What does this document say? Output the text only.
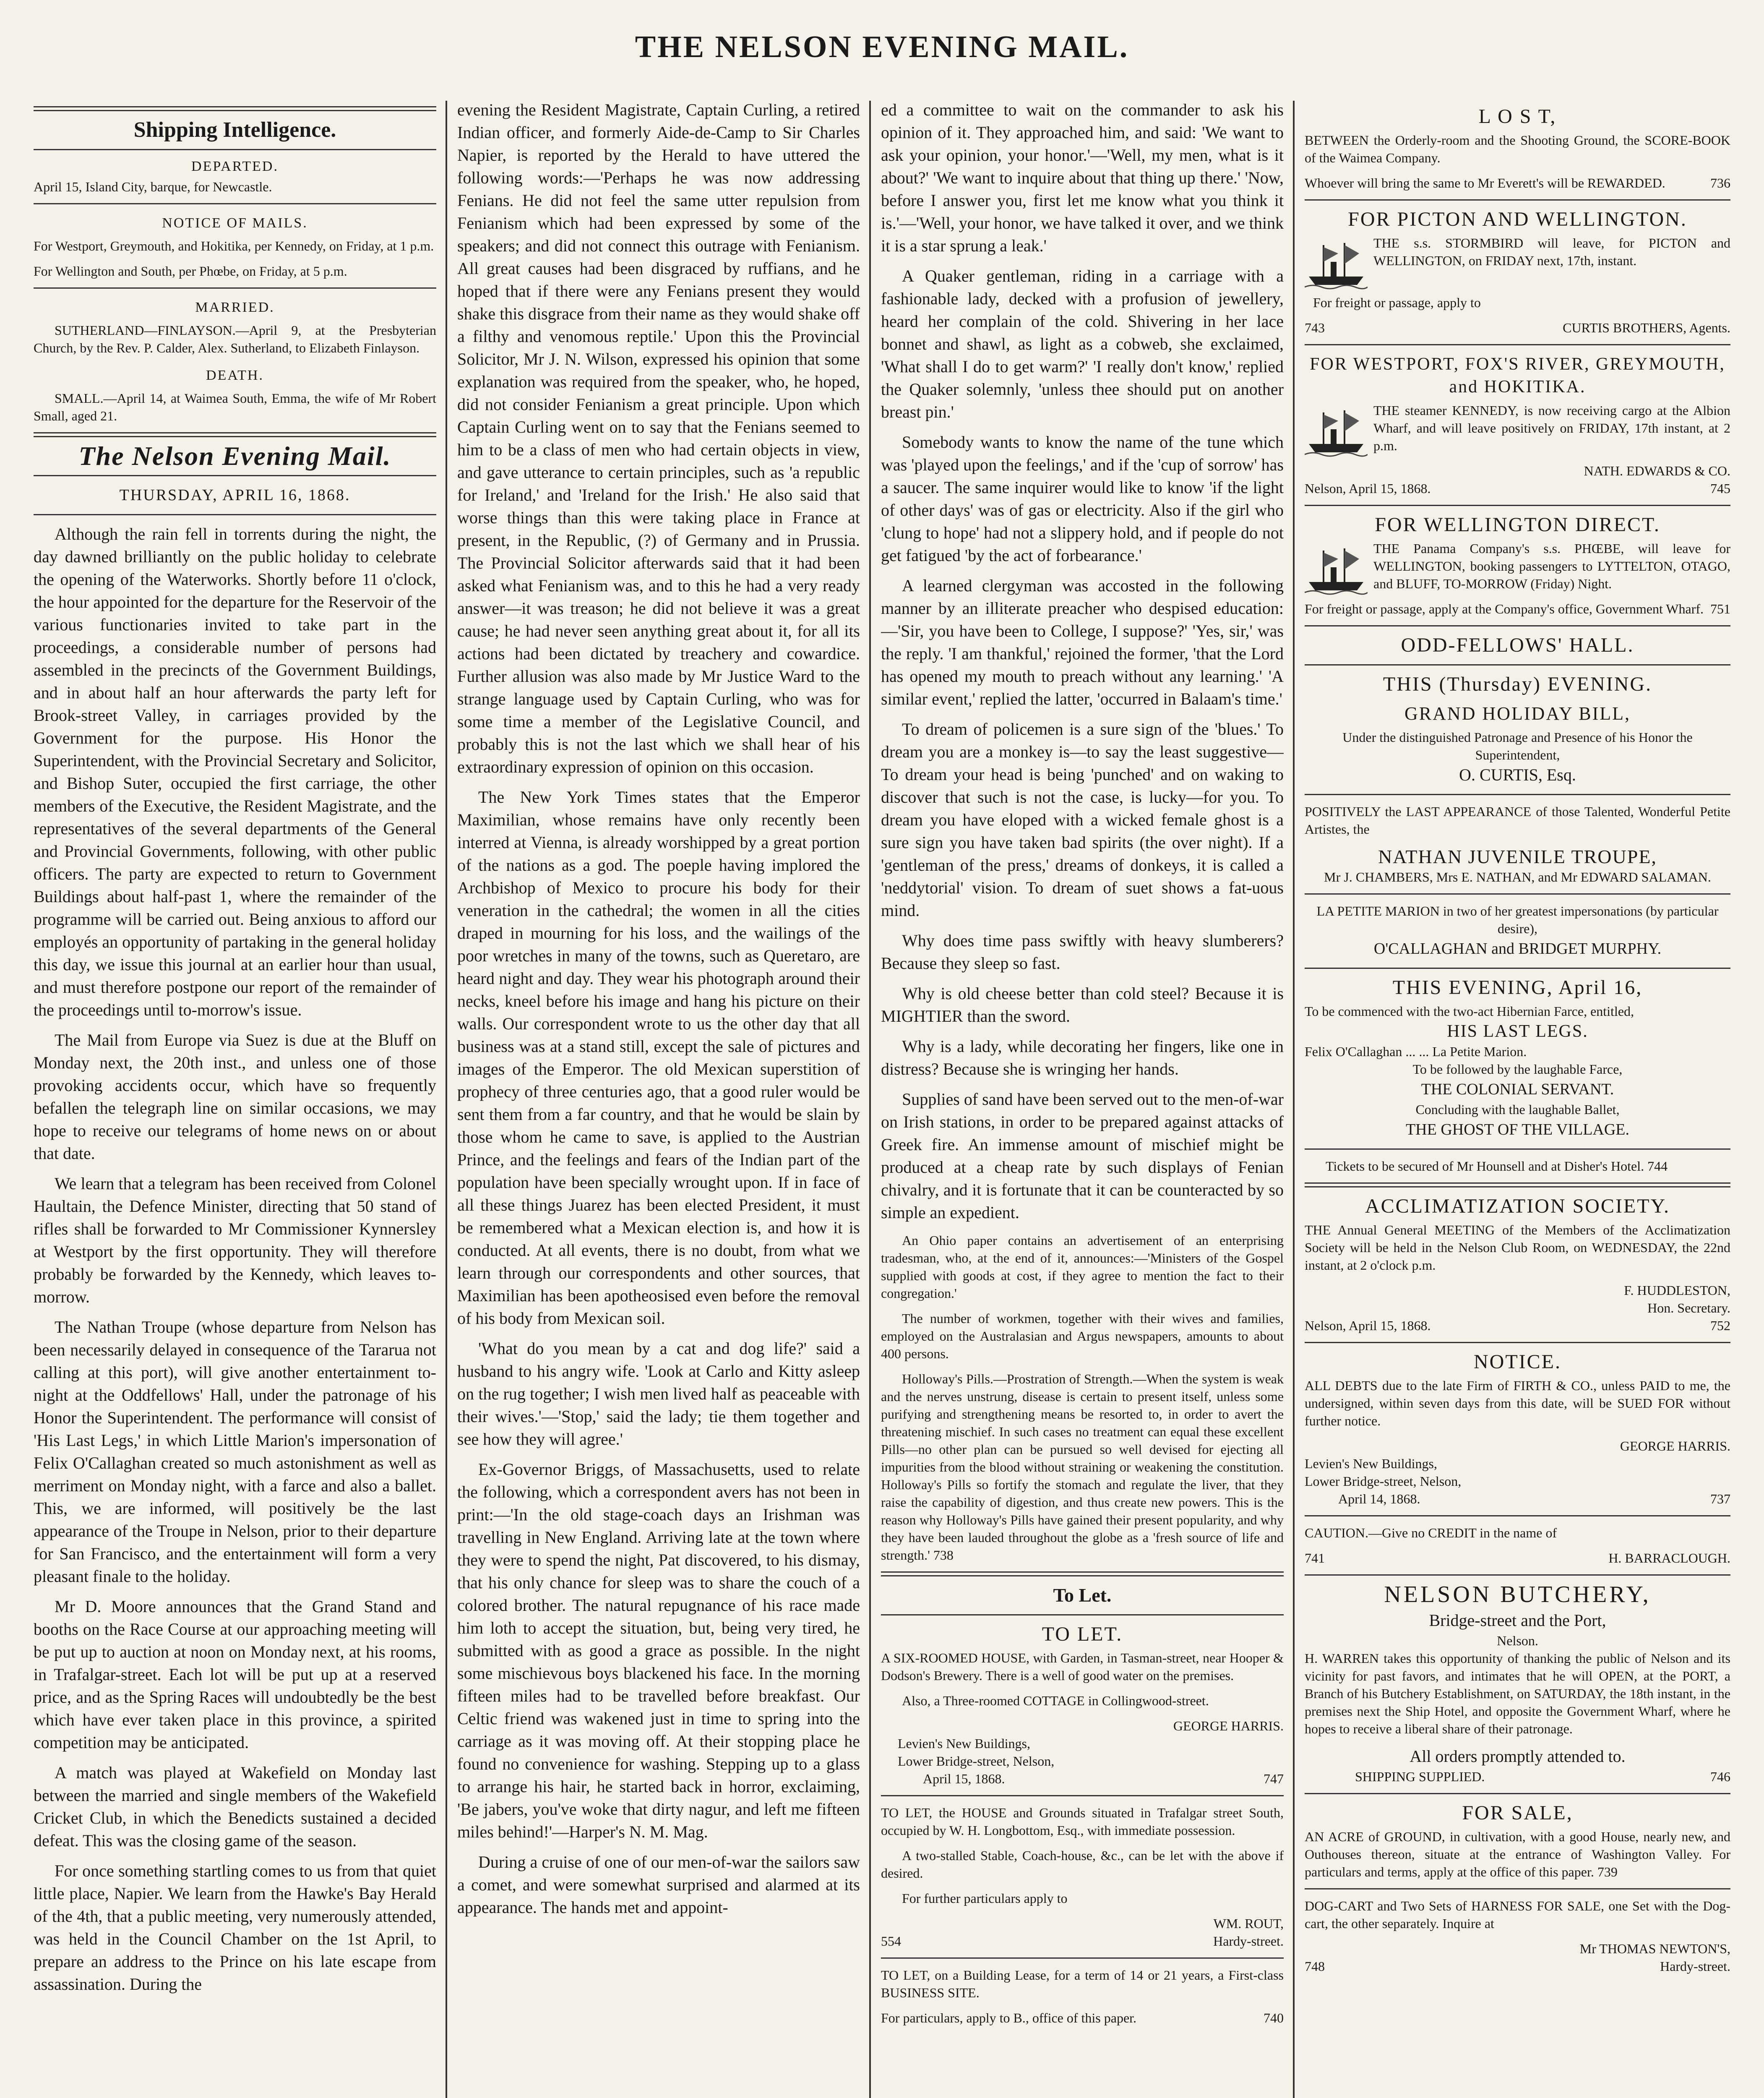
THE NELSON EVENING MAIL.
Shipping Intelligence.
DEPARTED.

April 15, Island City, barque, for Newcastle.

NOTICE OF MAILS.

For Westport, Greymouth, and Hokitika, per Kennedy, on Friday, at 1 p.m.

For Wellington and South, per Phœbe, on Friday, at 5 p.m.

MARRIED.

SUTHERLAND—FINLAYSON.—April 9, at the Presbyterian Church, by the Rev. P. Calder, Alex. Sutherland, to Elizabeth Finlayson.

DEATH.

SMALL.—April 14, at Waimea South, Emma, the wife of Mr Robert Small, aged 21.

The Nelson Evening Mail.
THURSDAY, APRIL 16, 1868.

Although the rain fell in torrents during the night, the day dawned brilliantly on the public holiday to celebrate the opening of the Waterworks. Shortly before 11 o'clock, the hour appointed for the departure for the Reservoir of the various functionaries invited to take part in the proceedings, a considerable number of persons had assembled in the precincts of the Government Buildings, and in about half an hour afterwards the party left for Brook-street Valley, in carriages provided by the Government for the purpose. His Honor the Superintendent, with the Provincial Secretary and Solicitor, and Bishop Suter, occupied the first carriage, the other members of the Executive, the Resident Magistrate, and the representatives of the several departments of the General and Provincial Governments, following, with other public officers. The party are expected to return to Government Buildings about half-past 1, where the remainder of the programme will be carried out. Being anxious to afford our employés an opportunity of partaking in the general holiday this day, we issue this journal at an earlier hour than usual, and must therefore postpone our report of the remainder of the proceedings until to-morrow's issue.

The Mail from Europe via Suez is due at the Bluff on Monday next, the 20th inst., and unless one of those provoking accidents occur, which have so frequently befallen the telegraph line on similar occasions, we may hope to receive our telegrams of home news on or about that date.

We learn that a telegram has been received from Colonel Haultain, the Defence Minister, directing that 50 stand of rifles shall be forwarded to Mr Commissioner Kynnersley at Westport by the first opportunity. They will therefore probably be forwarded by the Kennedy, which leaves to-morrow.

The Nathan Troupe (whose departure from Nelson has been necessarily delayed in consequence of the Tararua not calling at this port), will give another entertainment to-night at the Oddfellows' Hall, under the patronage of his Honor the Superintendent. The performance will consist of 'His Last Legs,' in which Little Marion's impersonation of Felix O'Callaghan created so much astonishment as well as merriment on Monday night, with a farce and also a ballet. This, we are informed, will positively be the last appearance of the Troupe in Nelson, prior to their departure for San Francisco, and the entertainment will form a very pleasant finale to the holiday.

Mr D. Moore announces that the Grand Stand and booths on the Race Course at our approaching meeting will be put up to auction at noon on Monday next, at his rooms, in Trafalgar-street. Each lot will be put up at a reserved price, and as the Spring Races will undoubtedly be the best which have ever taken place in this province, a spirited competition may be anticipated.

A match was played at Wakefield on Monday last between the married and single members of the Wakefield Cricket Club, in which the Benedicts sustained a decided defeat. This was the closing game of the season.

For once something startling comes to us from that quiet little place, Napier. We learn from the Hawke's Bay Herald of the 4th, that a public meeting, very numerously attended, was held in the Council Chamber on the 1st April, to prepare an address to the Prince on his late escape from assassination. During the

evening the Resident Magistrate, Captain Curling, a retired Indian officer, and formerly Aide-de-Camp to Sir Charles Napier, is reported by the Herald to have uttered the following words:—'Perhaps he was now addressing Fenians. He did not feel the same utter repulsion from Fenianism which had been expressed by some of the speakers; and did not connect this outrage with Fenianism. All great causes had been disgraced by ruffians, and he hoped that if there were any Fenians present they would shake this disgrace from their name as they would shake off a filthy and venomous reptile.' Upon this the Provincial Solicitor, Mr J. N. Wilson, expressed his opinion that some explanation was required from the speaker, who, he hoped, did not consider Fenianism a great principle. Upon which Captain Curling went on to say that the Fenians seemed to him to be a class of men who had certain objects in view, and gave utterance to certain principles, such as 'a republic for Ireland,' and 'Ireland for the Irish.' He also said that worse things than this were taking place in France at present, in the Republic, (?) of Germany and in Prussia. The Provincial Solicitor afterwards said that it had been asked what Fenianism was, and to this he had a very ready answer—it was treason; he did not believe it was a great cause; he had never seen anything great about it, for all its actions had been dictated by treachery and cowardice. Further allusion was also made by Mr Justice Ward to the strange language used by Captain Curling, who was for some time a member of the Legislative Council, and probably this is not the last which we shall hear of his extraordinary expression of opinion on this occasion.

The New York Times states that the Emperor Maximilian, whose remains have only recently been interred at Vienna, is already worshipped by a great portion of the nations as a god. The poeple having implored the Archbishop of Mexico to procure his body for their veneration in the cathedral; the women in all the cities draped in mourning for his loss, and the wailings of the poor wretches in many of the towns, such as Queretaro, are heard night and day. They wear his photograph around their necks, kneel before his image and hang his picture on their walls. Our correspondent wrote to us the other day that all business was at a stand still, except the sale of pictures and images of the Emperor. The old Mexican superstition of prophecy of three centuries ago, that a good ruler would be sent them from a far country, and that he would be slain by those whom he came to save, is applied to the Austrian Prince, and the feelings and fears of the Indian part of the population have been specially wrought upon. If in face of all these things Juarez has been elected President, it must be remembered what a Mexican election is, and how it is conducted. At all events, there is no doubt, from what we learn through our correspondents and other sources, that Maximilian has been apotheosised even before the removal of his body from Mexican soil.

'What do you mean by a cat and dog life?' said a husband to his angry wife. 'Look at Carlo and Kitty asleep on the rug together; I wish men lived half as peaceable with their wives.'—'Stop,' said the lady; tie them together and see how they will agree.'

Ex-Governor Briggs, of Massachusetts, used to relate the following, which a correspondent avers has not been in print:—'In the old stage-coach days an Irishman was travelling in New England. Arriving late at the town where they were to spend the night, Pat discovered, to his dismay, that his only chance for sleep was to share the couch of a colored brother. The natural repugnance of his race made him loth to accept the situation, but, being very tired, he submitted with as good a grace as possible. In the night some mischievous boys blackened his face. In the morning fifteen miles had to be travelled before breakfast. Our Celtic friend was wakened just in time to spring into the carriage as it was moving off. At their stopping place he found no convenience for washing. Stepping up to a glass to arrange his hair, he started back in horror, exclaiming, 'Be jabers, you've woke that dirty nagur, and left me fifteen miles behind!'—Harper's N. M. Mag.

During a cruise of one of our men-of-war the sailors saw a comet, and were somewhat surprised and alarmed at its appearance. The hands met and appoint-

ed a committee to wait on the commander to ask his opinion of it. They approached him, and said: 'We want to ask your opinion, your honor.'—'Well, my men, what is it about?' 'We want to inquire about that thing up there.' 'Now, before I answer you, first let me know what you think it is.'—'Well, your honor, we have talked it over, and we think it is a star sprung a leak.'

A Quaker gentleman, riding in a carriage with a fashionable lady, decked with a profusion of jewellery, heard her complain of the cold. Shivering in her lace bonnet and shawl, as light as a cobweb, she exclaimed, 'What shall I do to get warm?' 'I really don't know,' replied the Quaker solemnly, 'unless thee should put on another breast pin.'

Somebody wants to know the name of the tune which was 'played upon the feelings,' and if the 'cup of sorrow' has a saucer. The same inquirer would like to know 'if the light of other days' was of gas or electricity. Also if the girl who 'clung to hope' had not a slippery hold, and if people do not get fatigued 'by the act of forbearance.'

A learned clergyman was accosted in the following manner by an illiterate preacher who despised education:—'Sir, you have been to College, I suppose?' 'Yes, sir,' was the reply. 'I am thankful,' rejoined the former, 'that the Lord has opened my mouth to preach without any learning.' 'A similar event,' replied the latter, 'occurred in Balaam's time.'

To dream of policemen is a sure sign of the 'blues.' To dream you are a monkey is—to say the least suggestive—To dream your head is being 'punched' and on waking to discover that such is not the case, is lucky—for you. To dream you have eloped with a wicked female ghost is a sure sign you have taken bad spirits (the over night). If a 'gentleman of the press,' dreams of donkeys, it is called a 'neddytorial' vision. To dream of suet shows a fat-uous mind.

Why does time pass swiftly with heavy slumberers? Because they sleep so fast.

Why is old cheese better than cold steel? Because it is MIGHTIER than the sword.

Why is a lady, while decorating her fingers, like one in distress? Because she is wringing her hands.

Supplies of sand have been served out to the men-of-war on Irish stations, in order to be prepared against attacks of Greek fire. An immense amount of mischief might be produced at a cheap rate by such displays of Fenian chivalry, and it is fortunate that it can be counteracted by so simple an expedient.

An Ohio paper contains an advertisement of an enterprising tradesman, who, at the end of it, announces:—'Ministers of the Gospel supplied with goods at cost, if they agree to mention the fact to their congregation.'

The number of workmen, together with their wives and families, employed on the Australasian and Argus newspapers, amounts to about 400 persons.

Holloway's Pills.—Prostration of Strength.—When the system is weak and the nerves unstrung, disease is certain to present itself, unless some purifying and strengthening means be resorted to, in order to avert the threatening mischief. In such cases no treatment can equal these excellent Pills—no other plan can be pursued so well devised for ejecting all impurities from the blood without straining or weakening the constitution. Holloway's Pills so fortify the stomach and regulate the liver, that they raise the capability of digestion, and thus create new powers. This is the reason why Holloway's Pills have gained their present popularity, and why they have been lauded throughout the globe as a 'fresh source of life and strength.' 738

To Let.
TO LET.

A SIX-ROOMED HOUSE, with Garden, in Tasman-street, near Hooper & Dodson's Brewery. There is a well of good water on the premises.

Also, a Three-roomed COTTAGE in Collingwood-street.

GEORGE HARRIS.
Levien's New Buildings,
Lower Bridge-street, Nelson,
April 15, 1868.	747

TO LET, the HOUSE and Grounds situated in Trafalgar street South, occupied by W. H. Longbottom, Esq., with immediate possession.

A two-stalled Stable, Coach-house, &c., can be let with the above if desired.

For further particulars apply to

WM. ROUT,
554	Hardy-street.

TO LET, on a Building Lease, for a term of 14 or 21 years, a First-class BUSINESS SITE.

For particulars, apply to B., office of this paper.	740
L O S T,

BETWEEN the Orderly-room and the Shooting Ground, the SCORE-BOOK of the Waimea Company.

Whoever will bring the same to Mr Everett's will be REWARDED.	736
FOR PICTON AND WELLINGTON.

THE s.s. STORMBIRD will leave, for PICTON and WELLINGTON, on FRIDAY next, 17th, instant.

For freight or passage, apply to

743	CURTIS BROTHERS, Agents.
FOR WESTPORT, FOX'S RIVER, GREYMOUTH, and HOKITIKA.

THE steamer KENNEDY, is now receiving cargo at the Albion Wharf, and will leave positively on FRIDAY, 17th instant, at 2 p.m.

NATH. EDWARDS & CO.
Nelson, April 15, 1868.	745
FOR WELLINGTON DIRECT.

THE Panama Company's s.s. PHŒBE, will leave for WELLINGTON, booking passengers to LYTTELTON, OTAGO, and BLUFF, TO-MORROW (Friday) Night.

For freight or passage, apply at the Company's office, Government Wharf. 751
ODD-FELLOWS' HALL.
THIS (Thursday) EVENING.
GRAND HOLIDAY BILL,
Under the distinguished Patronage and Presence of his Honor the Superintendent,
O. CURTIS, Esq.

POSITIVELY the LAST APPEARANCE of those Talented, Wonderful Petite Artistes, the

NATHAN JUVENILE TROUPE,
Mr J. CHAMBERS, Mrs E. NATHAN, and Mr EDWARD SALAMAN.
LA PETITE MARION in two of her greatest impersonations (by particular desire),
O'CALLAGHAN and BRIDGET MURPHY.
THIS EVENING, April 16,
To be commenced with the two-act Hibernian Farce, entitled,
HIS LAST LEGS.
Felix O'Callaghan ... ... La Petite Marion.
To be followed by the laughable Farce,
THE COLONIAL SERVANT.
Concluding with the laughable Ballet,
THE GHOST OF THE VILLAGE.

Tickets to be secured of Mr Hounsell and at Disher's Hotel. 744

ACCLIMATIZATION SOCIETY.

THE Annual General MEETING of the Members of the Acclimatization Society will be held in the Nelson Club Room, on WEDNESDAY, the 22nd instant, at 2 o'clock p.m.

F. HUDDLESTON,
Hon. Secretary.
Nelson, April 15, 1868.	752
NOTICE.

ALL DEBTS due to the late Firm of FIRTH & CO., unless PAID to me, the undersigned, within seven days from this date, will be SUED FOR without further notice.

GEORGE HARRIS.
Levien's New Buildings,
Lower Bridge-street, Nelson,
April 14, 1868.	737

CAUTION.—Give no CREDIT in the name of

741	H. BARRACLOUGH.
NELSON BUTCHERY,
Bridge-street and the Port,
Nelson.

H. WARREN takes this opportunity of thanking the public of Nelson and its vicinity for past favors, and intimates that he will OPEN, at the PORT, a Branch of his Butchery Establishment, on SATURDAY, the 18th instant, in the premises next the Ship Hotel, and opposite the Government Wharf, where he hopes to receive a liberal share of their patronage.

All orders promptly attended to.
SHIPPING SUPPLIED.	746
FOR SALE,

AN ACRE of GROUND, in cultivation, with a good House, nearly new, and Outhouses thereon, situate at the entrance of Washington Valley. For particulars and terms, apply at the office of this paper. 739

DOG-CART and Two Sets of HARNESS FOR SALE, one Set with the Dog-cart, the other separately. Inquire at

Mr THOMAS NEWTON'S,
748	Hardy-street.
